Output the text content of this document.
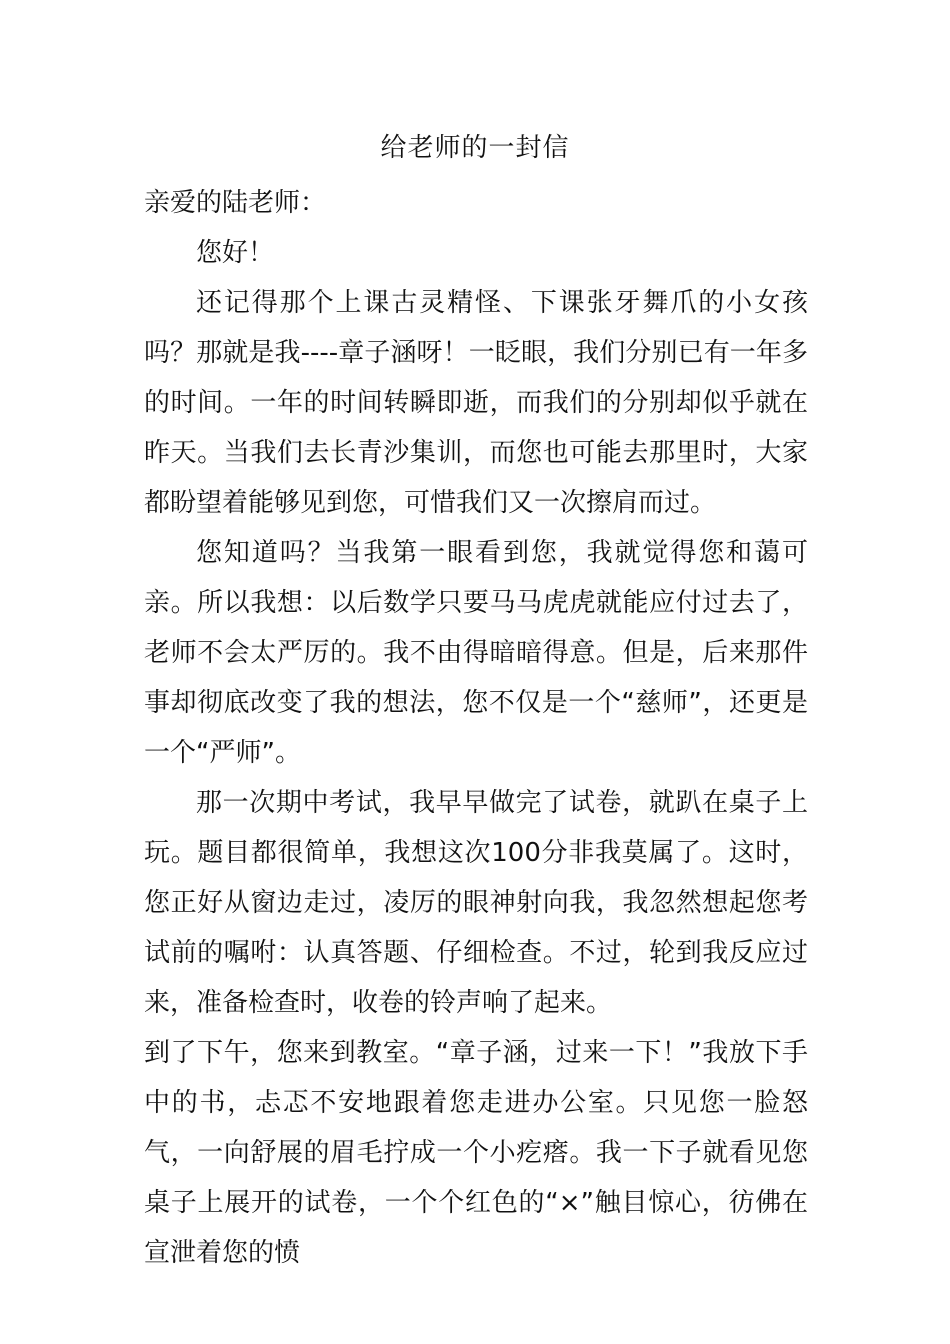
给老师的一封信

亲爱的陆老师：

您好！

还记得那个上课古灵精怪、下课张牙舞爪的小女孩吗？那就是我----章子涵呀！一眨眼，我们分别已有一年多的时间。一年的时间转瞬即逝，而我们的分别却似乎就在昨天。当我们去长青沙集训，而您也可能去那里时，大家都盼望着能够见到您，可惜我们又一次擦肩而过。

您知道吗？当我第一眼看到您，我就觉得您和蔼可亲。所以我想：以后数学只要马马虎虎就能应付过去了，老师不会太严厉的。我不由得暗暗得意。但是，后来那件事却彻底改变了我的想法，您不仅是一个“慈师”，还更是一个“严师”。

那一次期中考试，我早早做完了试卷，就趴在桌子上玩。题目都很简单，我想这次100分非我莫属了。这时，您正好从窗边走过，凌厉的眼神射向我，我忽然想起您考试前的嘱咐：认真答题、仔细检查。不过，轮到我反应过来，准备检查时，收卷的铃声响了起来。

到了下午，您来到教室。“章子涵，过来一下！”我放下手中的书，忐忑不安地跟着您走进办公室。只见您一脸怒气，一向舒展的眉毛拧成一个小疙瘩。我一下子就看见您桌子上展开的试卷，一个个红色的“×”触目惊心，彷佛在宣泄着您的愤
